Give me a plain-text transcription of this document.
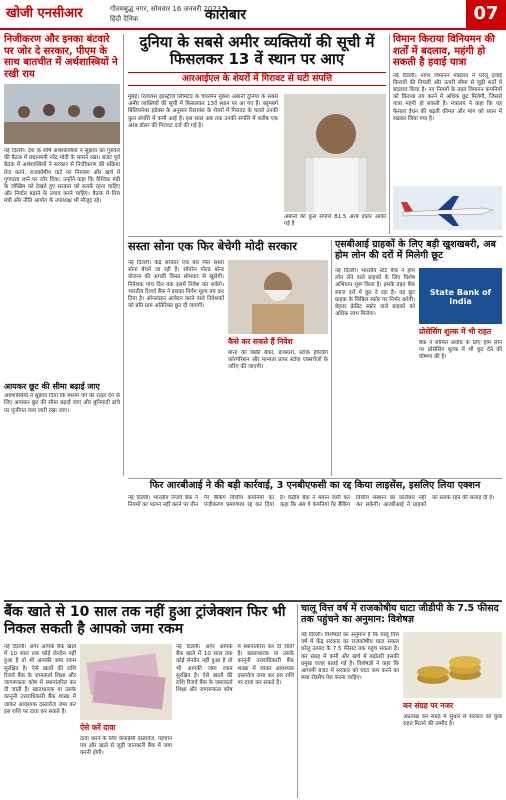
खोजी एनसीआर	गौतमबुद्ध नगर, सोमवार 16 जनवरी 2023
हिंदी दैनिक	कारोबार	07
निजीकरण और इनका बंटवारे पर जोर दे सरकार, पीएम के साथ बातचीत में अर्थशास्त्रियों ने रखी राय
नई दिल्ली। देश के शीर्ष अर्थशास्त्रियों ने सुझाव को गुरुवार की बैठक में प्रधानमंत्री नरेंद्र मोदी के सामने रखा। बजट पूर्व बैठक में अर्थशास्त्रियों ने सरकार से निजीकरण की प्रक्रिया तेज करने, राजकोषीय घाटे पर नियंत्रण और खर्च में गुणवत्ता लाने पर जोर दिया। उन्होंने कहा कि वैश्विक मंदी के जोखिम को देखते हुए सरकार को सतर्क रहना चाहिए और निर्यात बढ़ाने के उपाय करने चाहिए। बैठक में वित्त मंत्री और नीति आयोग के उपाध्यक्ष भी मौजूद रहे।
आयकर छूट की सीमा बढ़ाई जाए
अर्थशास्त्रियों ने सुझाव दिया कि मध्यम वर्ग को राहत देने के लिए आयकर छूट की सीमा बढ़ाई जाए और बुनियादी ढांचे पर पूंजीगत व्यय जारी रखा जाए।
दुनिया के सबसे अमीर व्यक्तियों की सूची में फिसलकर 13 वें स्थान पर आए
आरआईएल के शेयरों में गिरावट से घटी संपत्ति
मुंबई। रिलायंस इंडस्ट्रीज लिमिटेड के चेयरमैन मुकेश अंबानी दुनिया के सबसे अमीर व्यक्तियों की सूची में फिसलकर 13वें स्थान पर आ गए हैं। ब्लूमबर्ग बिलियनेयर इंडेक्स के अनुसार रिलायंस के शेयरों में गिरावट के चलते उनकी कुल संपत्ति में कमी आई है। इस साल अब तक उनकी संपत्ति में करीब एक अरब डॉलर की गिरावट दर्ज की गई है।
अंबानी की कुल संपत्ति 81.5 अरब डॉलर आंकी गई है
विमान किराया विनियमन की शर्तों में बदलाव, महंगी हो सकती है हवाई यात्रा
नई दिल्ली। नागर विमानन मंत्रालय ने घरेलू हवाई किरायों की निचली और ऊपरी सीमा से जुड़ी शर्तों में बदलाव किया है। नए नियमों के तहत विमानन कंपनियों को किराया तय करने में अधिक छूट मिलेगी, जिससे यात्रा महंगी हो सकती है। मंत्रालय ने कहा कि यह फैसला ईंधन की बढ़ती कीमत और मांग को ध्यान में रखकर लिया गया है।
सस्ता सोना एक फिर बेचेगी मोदी सरकार
नई दिल्ली। केंद्र सरकार एक बार फिर सस्ता सोना बेचने जा रही है। सॉवरेन गोल्ड बॉन्ड योजना की अगली किस्त सोमवार से खुलेगी। निवेशक पांच दिन तक इसमें निवेश कर सकेंगे। भारतीय रिजर्व बैंक ने इसका निर्गम मूल्य तय कर दिया है। ऑनलाइन आवेदन करने वाले निवेशकों को प्रति ग्राम अतिरिक्त छूट दी जाएगी।
कैसे कर सकते हैं निवेश
बॉन्ड की बिक्री बैंकों, डाकघरों, स्टॉक होल्डिंग कॉरपोरेशन और मान्यता प्राप्त स्टॉक एक्सचेंजों के जरिए की जाएगी।
एसबीआई ग्राहकों के लिए बड़ी खुशखबरी, अब होम लोन की दरों में मिलेगी छूट
नई दिल्ली। भारतीय स्टेट बैंक ने होम लोन लेने वाले ग्राहकों के लिए विशेष अभियान शुरू किया है। इसके तहत बैंक ब्याज दरों में छूट दे रहा है। यह छूट ग्राहक के सिबिल स्कोर पर निर्भर करेगी। बेहतर क्रेडिट स्कोर वाले ग्राहकों को अधिक लाभ मिलेगा।
State Bank of India
प्रोसेसिंग शुल्क में भी राहत
बैंक ने सीमित अवधि के लिए होम लोन पर प्रोसेसिंग शुल्क में भी छूट देने की घोषणा की है।
फिर आरबीआई ने की बड़ी कार्रवाई, 3 एनबीएफसी का रद्द किया लाइसेंस, इसलिए लिया एक्शन
नई दिल्ली। भारतीय रिजर्व बैंक ने नियमों का पालन नहीं करने पर तीन गैर बैंकिंग वित्तीय कंपनियों का पंजीकरण प्रमाणपत्र रद्द कर दिया है। केंद्रीय बैंक ने बयान जारी कर कहा कि अब ये कंपनियां गैर बैंकिंग वित्तीय संस्थान का कारोबार नहीं कर सकेंगी। आरबीआई ने ग्राहकों को सतर्क रहने की सलाह दी है।
बैंक खाते से 10 साल तक नहीं हुआ ट्रांजेक्शन फिर भी निकल सकती है आपको जमा रकम
नई दिल्ली। अगर आपके बैंक खाते में 10 साल तक कोई लेनदेन नहीं हुआ है तो भी आपकी जमा रकम सुरक्षित है। ऐसे खातों की राशि रिजर्व बैंक के जमाकर्ता शिक्षा और जागरूकता कोष में स्थानांतरित कर दी जाती है। खाताधारक या उसके कानूनी उत्तराधिकारी बैंक शाखा में जाकर आवश्यक दस्तावेज जमा कर इस राशि पर दावा कर सकते हैं।
ऐसे करें दावा
दावा करने के लिए केवाईसी दस्तावेज, पहचान पत्र और खाते से जुड़ी जानकारी बैंक में जमा करनी होगी।
नई दिल्ली। अगर आपके बैंक खाते में 10 साल तक कोई लेनदेन नहीं हुआ है तो भी आपकी जमा रकम सुरक्षित है। ऐसे खातों की राशि रिजर्व बैंक के जमाकर्ता शिक्षा और जागरूकता कोष में स्थानांतरित कर दी जाती है। खाताधारक या उसके कानूनी उत्तराधिकारी बैंक शाखा में जाकर आवश्यक दस्तावेज जमा कर इस राशि पर दावा कर सकते हैं।
चालू वित्त वर्ष में राजकोषीय घाटा जीडीपी के 7.5 फीसद तक पहुंचने का अनुमान: विशेषज्ञ
नई दिल्ली। विशेषज्ञों का अनुमान है कि चालू वित्त वर्ष में केंद्र सरकार का राजकोषीय घाटा सकल घरेलू उत्पाद के 7.5 फीसद तक पहुंच सकता है। कर संग्रह में कमी और खर्च में बढ़ोतरी इसकी प्रमुख वजह बताई गई है। विशेषज्ञों ने कहा कि आगामी बजट में सरकार को घाटा कम करने का स्पष्ट रोडमैप पेश करना चाहिए।
कर संग्रह पर नजर
अप्रत्यक्ष कर संग्रह में सुधार से सरकार को कुछ राहत मिलने की उम्मीद है।
